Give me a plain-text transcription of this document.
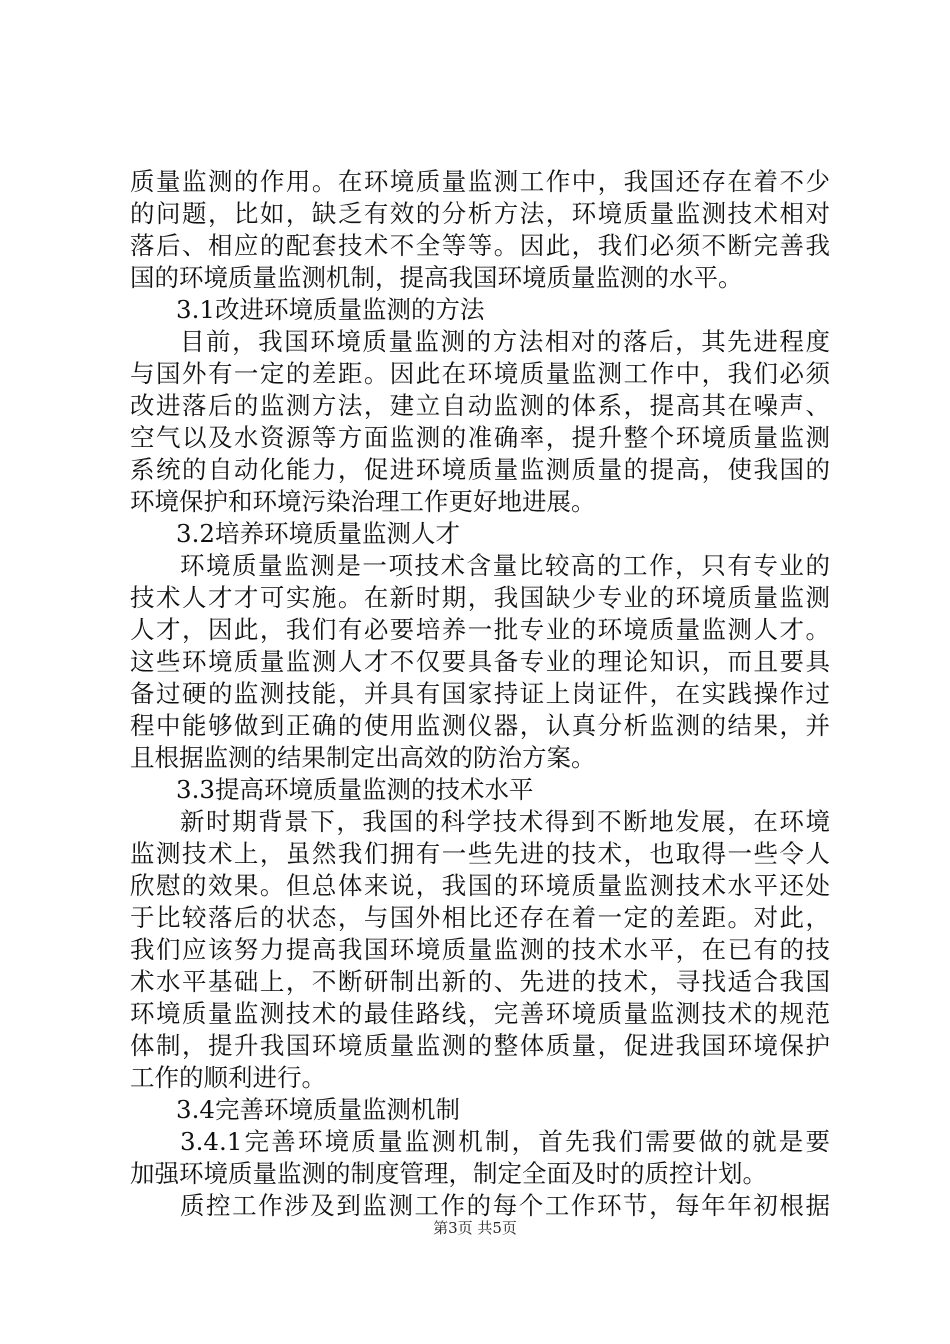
质量监测的作用。在环境质量监测工作中，我国还存在着不少
的问题，比如，缺乏有效的分析方法，环境质量监测技术相对
落后、相应的配套技术不全等等。因此，我们必须不断完善我
国的环境质量监测机制，提高我国环境质量监测的水平。
3.1改进环境质量监测的方法
目前，我国环境质量监测的方法相对的落后，其先进程度
与国外有一定的差距。因此在环境质量监测工作中，我们必须
改进落后的监测方法，建立自动监测的体系，提高其在噪声、
空气以及水资源等方面监测的准确率，提升整个环境质量监测
系统的自动化能力，促进环境质量监测质量的提高，使我国的
环境保护和环境污染治理工作更好地进展。
3.2培养环境质量监测人才
环境质量监测是一项技术含量比较高的工作，只有专业的
技术人才才可实施。在新时期，我国缺少专业的环境质量监测
人才，因此，我们有必要培养一批专业的环境质量监测人才。
这些环境质量监测人才不仅要具备专业的理论知识，而且要具
备过硬的监测技能，并具有国家持证上岗证件，在实践操作过
程中能够做到正确的使用监测仪器，认真分析监测的结果，并
且根据监测的结果制定出高效的防治方案。
3.3提高环境质量监测的技术水平
新时期背景下，我国的科学技术得到不断地发展，在环境
监测技术上，虽然我们拥有一些先进的技术，也取得一些令人
欣慰的效果。但总体来说，我国的环境质量监测技术水平还处
于比较落后的状态，与国外相比还存在着一定的差距。对此，
我们应该努力提高我国环境质量监测的技术水平，在已有的技
术水平基础上，不断研制出新的、先进的技术，寻找适合我国
环境质量监测技术的最佳路线，完善环境质量监测技术的规范
体制，提升我国环境质量监测的整体质量，促进我国环境保护
工作的顺利进行。
3.4完善环境质量监测机制
3.4.1完善环境质量监测机制，首先我们需要做的就是要
加强环境质量监测的制度管理，制定全面及时的质控计划。
质控工作涉及到监测工作的每个工作环节，每年年初根据
第3页 共5页
